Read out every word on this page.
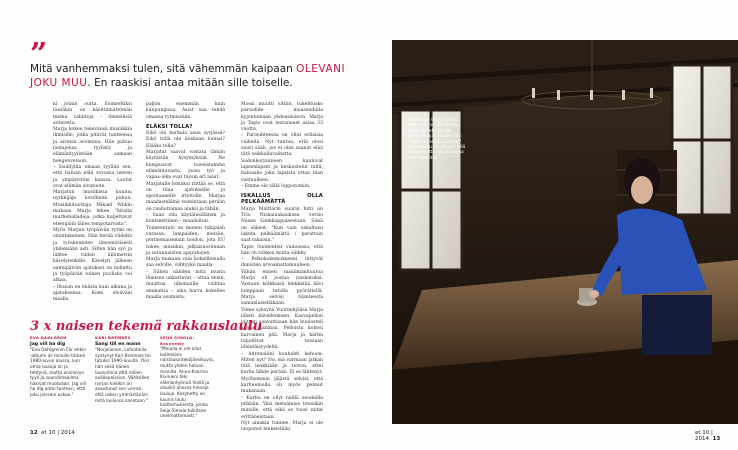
”
Mitä vanhemmaksi tulen, sitä vähemmän kaipaan OLEVANI JOKU MUU. En raaskisi antaa mitään sille toiselle.

ki jotain outta. Esimerkiksi tässäkin on käsittämättömän metka valintoja – ilmeellisiä auteretta.

Marja kokee tekevänsä musiikkia ihmisille, jotka pitävät tunteensa ja aivinsa avoimina. Hän puhuu laulujensa tyylistä ja elämäntyylistään samaan hengenvetoon.

– Sisällytän omaan tyyliini sen, että haluan elää sovussa meren ja ympäristöni kanssa. Laulut ovat elämän sivutuote.

Marjatun musiikissa kuuluu nyrkkijäje lovollinen puhuu. Musiikkituottaja Mikael Wiikin mukaan Marja tekee "hitaita murheballadeja, jotka kuljettavat eteenpäin lähes tempotarvista".

Myös Marjan työpäivän rytmi on omintakeinen. Hän herää viideltä ja työskentelee ilmeeniriisesti yhdeksään asti. Silten hän syö ja lähtee viiden kilometrin kävelylenkille. Kävelyn jälkeen aamupäivän ajatukset on nollattu ja työpäivän toinen puolisko voi alkaa.

– Iltaisin en enästa kuin alkuna ja ajatuksensa. Koen elväväni maalla

paljon enemmän kuin kaupungissa. Asiat saa tehdä omassa rytmissään.

ELÄKSI TOLLA?

Eikö ole harkala asua syrjässä? Eikö tullä ole koskaan lonnat? Elääks tolla?

Marjatut saavat vastata tämän käytäisiin kysymyksiin. Ne kumpuavat toiveistamme elämäntavasta, jossa työ ja vapaa-aika ovat täysin erl asiat.

Marjatulle lomaksi riittää se, että on tilaa ajatukselle ja spontaanelle irtiotolle. Marjaa maadastelämä toimintaan perään on raahottamaa aluksi ja tähän.

– Saan olla käytänisillänen ja kontseettinen – maadoitun.

Toimeentulo on monen tukijalan varassa: lampaiden, metsän, perinemaiseman hoidon, jota EU tukee, musiikin, julkaisuoriinnan ja satunnaisten apurahojen.

Marja mukaan vain kokeillemalla saa selville, viihtyykö maalla.

– Siihen nähden mitä musta ihmisen unkuttavat – ottaa ensin, muuttua ulkomaille, vaihtaa ammattia – aika harva kokeilee maalla asumista.

Mossi muutti sittiin, tukehtusko paruuhde maaseudulla kyjontomaan yhdessäoloon. Marja ja Tapio ovat testanneet asiaa 33 vuotta.

– Parisuhteessa on ollut erilaisia vaiheita. Nyt tuntuu, että olosi suuri sääli, jos ei olisi saanut elää tätä seikkailuvaihetta.

Sadonkorjuuneen kuulovat lapsenlapset ja keskustelut niitä, haluaako joku lapsista ottaa tilan vastuulleen.

– Emme ole tällä lopputomiin.

ISKALLUS OLLA PELKÄÄMÄTTÄ

Marja Mattlarin suurin hitti on Trio Niskalaukauksen versio Näsen Liemkappaleestaan. Siinä on säkeet: "Kun vain uskaltaisi laknta pelkäämättä / parattoin saat takaisin."

Tapio Suominfeir vainuessa, että hän on rohkea mutta säikky.

– Pelkokokemukseeni liittyvät ihmisten arvoamattomuuteen.

Vähän ennen maailmanhuutoa Marja oli joutua raiskatuksi. Vastaan kolkkaisä lenkkeiliä kävi lomppaan tutulla pyörätiellä. Marja selvisi tilanteesta samanlaiselläkaan.

Viime syksynä Vuorenkyläsä Marja läheti kävellenkeen. Kasvapellon laitaan saavuttuaan hän kuulosteli kovaa kahinaa. Pelloista kohosi karvainen pää. Marja ja karhu tuijottivat toisiaan lähietäisyydeltä.

– Adrenaliini kouhahti kehoon: Miten nyt? No, mä varmaan jatkan tätä lenkkiään ja toivon, ettei karhu lähde perään. Ei se lähtenyt.

Myöhemmin jäljistä selvisi, että karhuemolla oli myös pennut mukanaan.

– Karhu on ollyt näillä seuduilla pitkään. Yksi metsämies totesikin minulle, että eikä se tuosi mitat erittäneistaan.

Nyt ainakin tunnee. Marja ei ole luopunut lenkeistään.

3 x naisen tekemä rakkauslaulu
EVA DAHLGREN
Jag vill ha dig
"Eva Dahlgrenin För ehkin -albumi oli minulle tärkeä 1980-luvun alussa, kun omia lauluja oli jo tehtynä, mutta ensilevyn tyyli ja soundimaailma hakivat muotoaan. Jag vill ha dig antoi tunteen, että joku joissain uskoo."
KARI BREMNES
Sang till en mann
"Norjalainen, Lofooteilla syntynyt Kari Bremnes toi tutuksi 1990-luvulla. Yksi hän sekä hänen laulunhina että milien evällopeission. Vähitellen norjan kielikin on avautunut sen verran, että uskon ymmärtäväni mitä laulussa sanotaan."
SEIJA SIMOLA: Kesyhetty
"Minulla ei ole ollut kotimaisia naislaulunteköjäesikuvia, mutta yhden haluan mainita. Anna-Kaarina Kivinieni teki elämäntyönnä Viellä ja säveliö ohessa hienoja lauluja. Kesyhetty on kaunis laulu luottamuksesta, jonka Seija Simola tulkitsee unelmattomasti."
Marttarien tupa täyttää ensi vuonna 160 vuotta. Marja on tehnyt siille laulun Niinjän tuulen talo: "Tuvan nimeksi paahtaa / joku laukku mariahaa / sillä tuvan vuotta talo maailma sinä nukahtaa."
12 et 10 | 2014	et 10 | 2014 13
